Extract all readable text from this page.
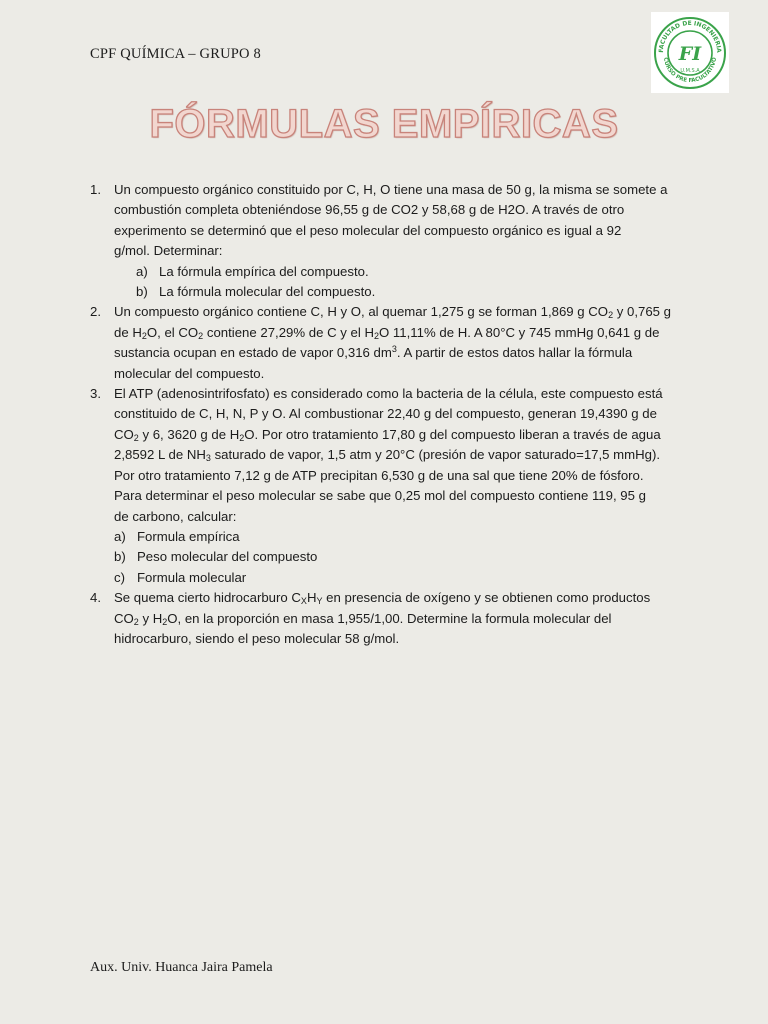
CPF QUÍMICA – GRUPO 8	FACULTAD DE INGENIERIA
CURSO PRE FACULTATIVO
FI
U.M.S.A
FÓRMULAS EMPÍRICAS
1. Un compuesto orgánico constituido por C, H, O tiene una masa de 50 g, la misma se somete a
combustión completa obteniéndose 96,55 g de CO2 y 58,68 g de H2O. A través de otro
experimento se determinó que el peso molecular del compuesto orgánico es igual a 92
g/mol. Determinar:
a) La fórmula empírica del compuesto.
b) La fórmula molecular del compuesto.
2. Un compuesto orgánico contiene C, H y O, al quemar 1,275 g se forman 1,869 g $CO_2$ y 0,765 g
de $H_2O$, el $CO_2$ contiene 27,29% de C y el $H_2O$ 11,11% de H. A 80°C y 745 mmHg 0,641 g de
sustancia ocupan en estado de vapor 0,316 $dm^3$. A partir de estos datos hallar la fórmula
molecular del compuesto.
3. El ATP (adenosintrifosfato) es considerado como la bacteria de la célula, este compuesto está
constituido de C, H, N, P y O. Al combustionar 22,40 g del compuesto, generan 19,4390 g de
$CO_2$ y 6, 3620 g de $H_2O$. Por otro tratamiento 17,80 g del compuesto liberan a través de agua
2,8592 L de $NH_3$ saturado de vapor, 1,5 atm y 20°C (presión de vapor saturado=17,5 mmHg).
Por otro tratamiento 7,12 g de ATP precipitan 6,530 g de una sal que tiene 20% de fósforo.
Para determinar el peso molecular se sabe que 0,25 mol del compuesto contiene 119, 95 g
de carbono, calcular:
a) Formula empírica
b) Peso molecular del compuesto
c) Formula molecular
4. Se quema cierto hidrocarburo $C_XH_Y$ en presencia de oxígeno y se obtienen como productos
$CO_2$ y $H_2O$, en la proporción en masa 1,955/1,00. Determine la formula molecular del
hidrocarburo, siendo el peso molecular 58 g/mol.
Aux. Univ. Huanca Jaira Pamela
